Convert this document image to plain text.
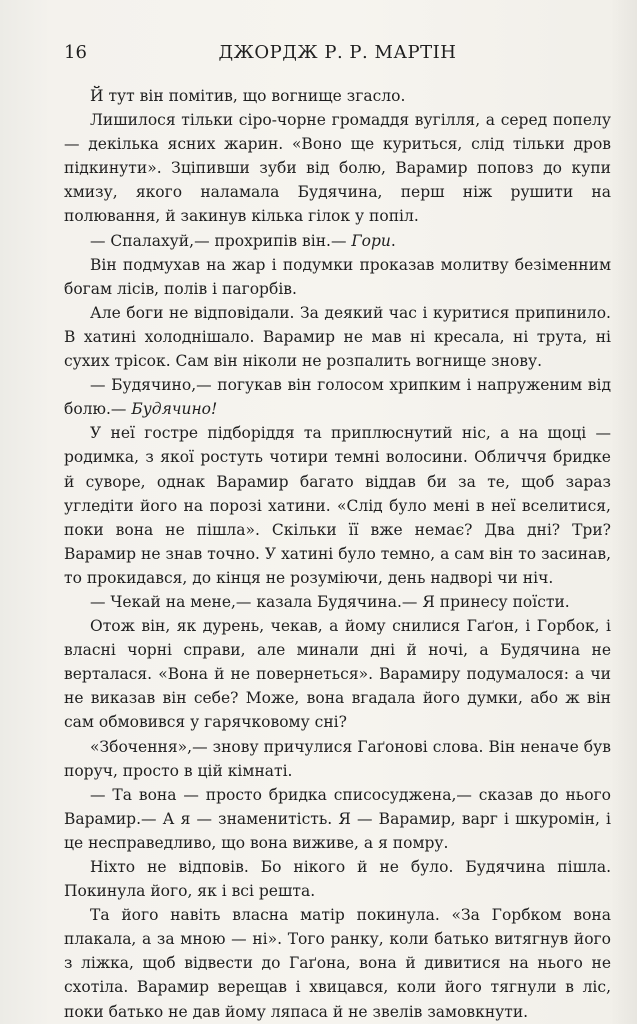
16	ДЖОРДЖ Р. Р. МАРТІН

Й тут він помітив, що вогнище згасло.

Лишилося тільки сіро-чорне громаддя вугілля, а серед попелу — декілька ясних жарин. «Воно ще куриться, слід тільки дров підкинути». Зціпивши зуби від болю, Варамир поповз до купи хмизу, якого наламала Будячина, перш ніж рушити на полювання, й закинув кілька гілок у попіл.

— Спалахуй,— прохрипів він.— Гори.

Він подмухав на жар і подумки проказав молитву безіменним богам лісів, полів і пагорбів.

Але боги не відповідали. За деякий час і куритися припинило. В хатині холоднішало. Варамир не мав ні кресала, ні трута, ні сухих трісок. Сам він ніколи не розпалить вогнище знову.

— Будячино,— погукав він голосом хрипким і напруженим від болю.— Будячино!

У неї гостре підборіддя та приплюснутий ніс, а на щоці — родимка, з якої ростуть чотири темні волосини. Обличчя бридке й суворе, однак Варамир багато віддав би за те, щоб зараз угледіти його на порозі хатини. «Слід було мені в неї вселитися, поки вона не пішла». Скільки її вже немає? Два дні? Три? Варамир не знав точно. У хатині було темно, а сам він то засинав, то прокидався, до кінця не розуміючи, день надворі чи ніч.

— Чекай на мене,— казала Будячина.— Я принесу поїсти.

Отож він, як дурень, чекав, а йому снилися Гаґон, і Горбок, і власні чорні справи, але минали дні й ночі, а Будячина не верталася. «Вона й не повернеться». Варамиру подумалося: а чи не виказав він себе? Може, вона вгадала його думки, або ж він сам обмовився у гарячковому сні?

«Збочення»,— знову причулися Гаґонові слова. Він неначе був поруч, просто в цій кімнаті.

— Та вона — просто бридка списосуджена,— сказав до нього Варамир.— А я — знаменитість. Я — Варамир, варг і шкуромін, і це несправедливо, що вона виживе, а я помру.

Ніхто не відповів. Бо нікого й не було. Будячина пішла. Покинула його, як і всі решта.

Та його навіть власна матір покинула. «За Горбком вона плакала, а за мною — ні». Того ранку, коли батько витягнув його з ліжка, щоб відвести до Гаґона, вона й дивитися на нього не схотіла. Варамир верещав і хвицався, коли його тягнули в ліс, поки батько не дав йому ляпаса й не звелів замовкнути.
